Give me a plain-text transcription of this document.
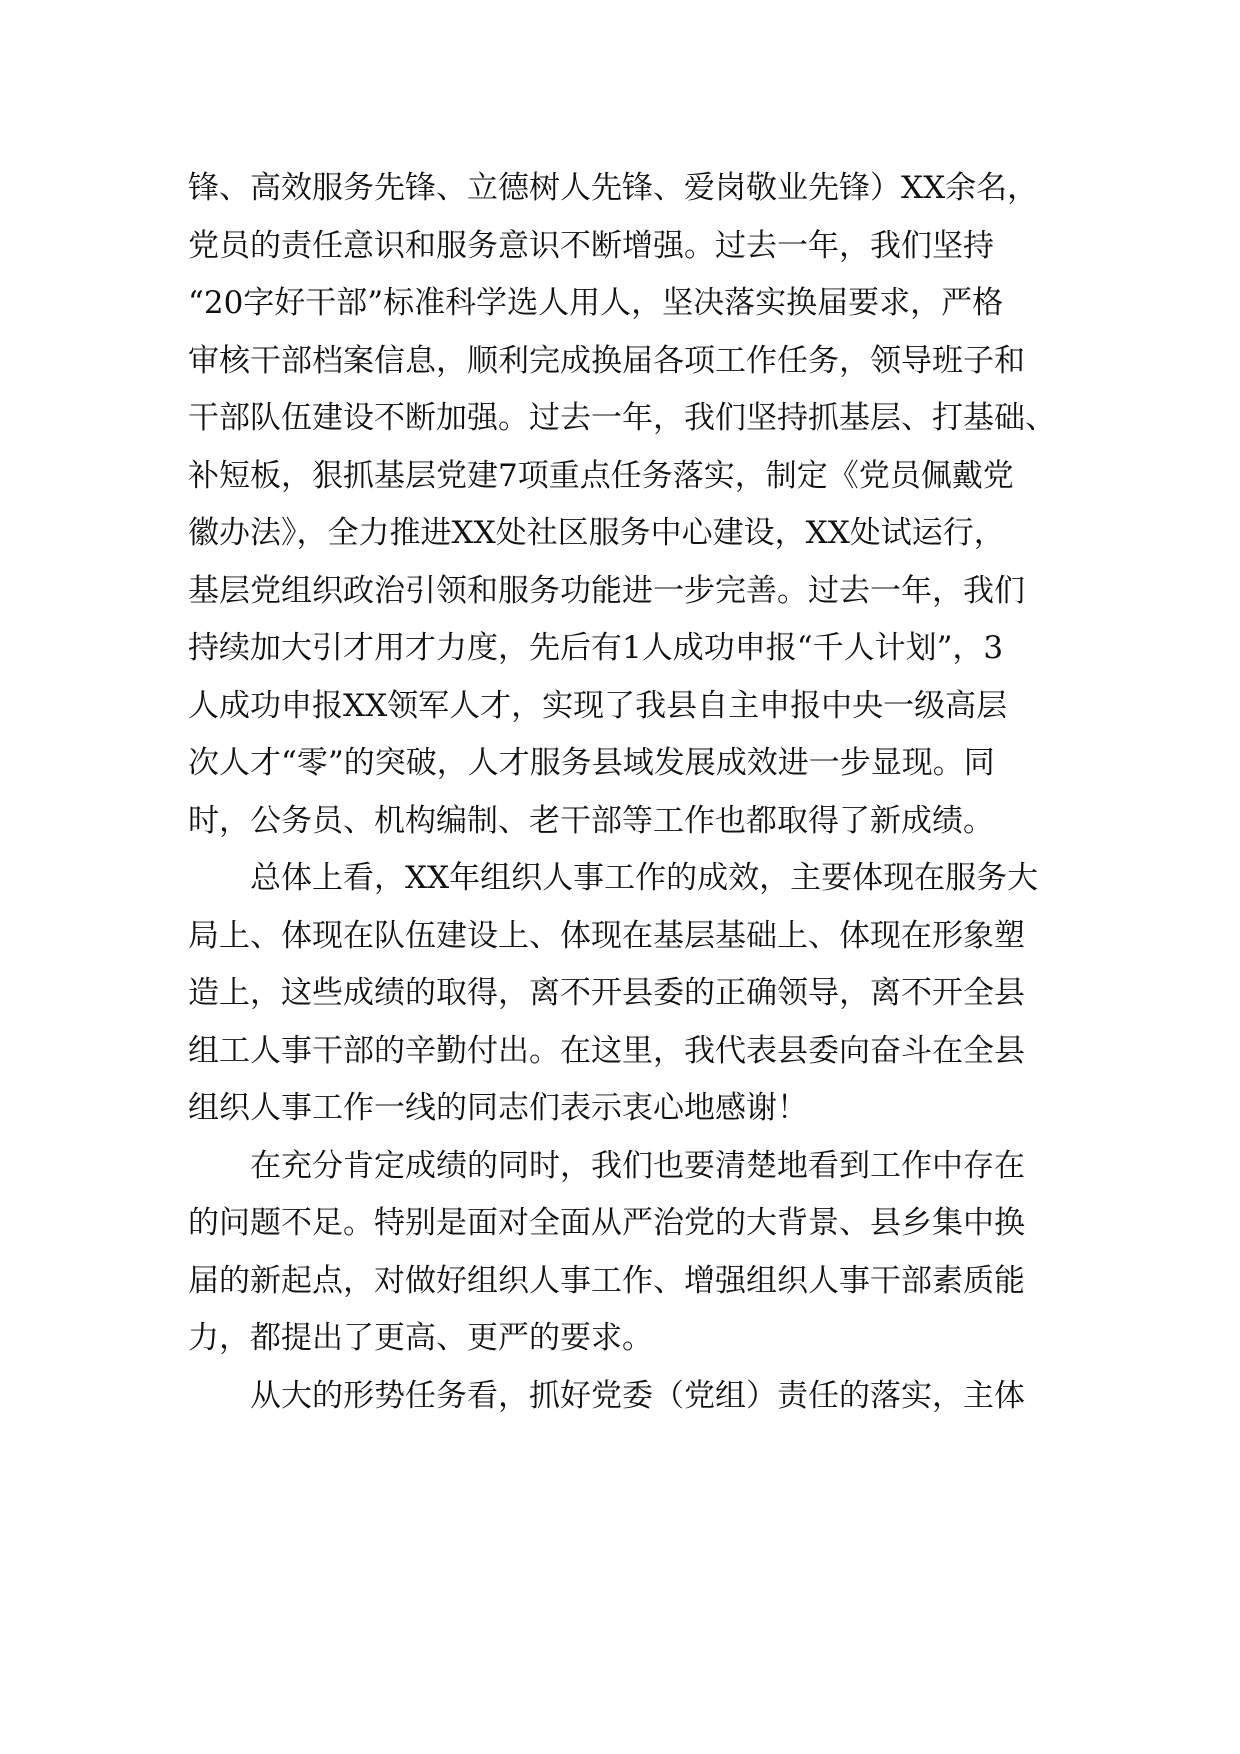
锋、高效服务先锋、立德树人先锋、爱岗敬业先锋）XX余名，
党员的责任意识和服务意识不断增强。过去一年，我们坚持
“20字好干部”标准科学选人用人，坚决落实换届要求，严格
审核干部档案信息，顺利完成换届各项工作任务，领导班子和
干部队伍建设不断加强。过去一年，我们坚持抓基层、打基础、
补短板，狠抓基层党建7项重点任务落实，制定《党员佩戴党
徽办法》，全力推进XX处社区服务中心建设，XX处试运行，
基层党组织政治引领和服务功能进一步完善。过去一年，我们
持续加大引才用才力度，先后有1人成功申报“千人计划”，3
人成功申报XX领军人才，实现了我县自主申报中央一级高层
次人才“零”的突破，人才服务县域发展成效进一步显现。同
时，公务员、机构编制、老干部等工作也都取得了新成绩。
总体上看，XX年组织人事工作的成效，主要体现在服务大
局上、体现在队伍建设上、体现在基层基础上、体现在形象塑
造上，这些成绩的取得，离不开县委的正确领导，离不开全县
组工人事干部的辛勤付出。在这里，我代表县委向奋斗在全县
组织人事工作一线的同志们表示衷心地感谢！
在充分肯定成绩的同时，我们也要清楚地看到工作中存在
的问题不足。特别是面对全面从严治党的大背景、县乡集中换
届的新起点，对做好组织人事工作、增强组织人事干部素质能
力，都提出了更高、更严的要求。
从大的形势任务看，抓好党委（党组）责任的落实，主体
